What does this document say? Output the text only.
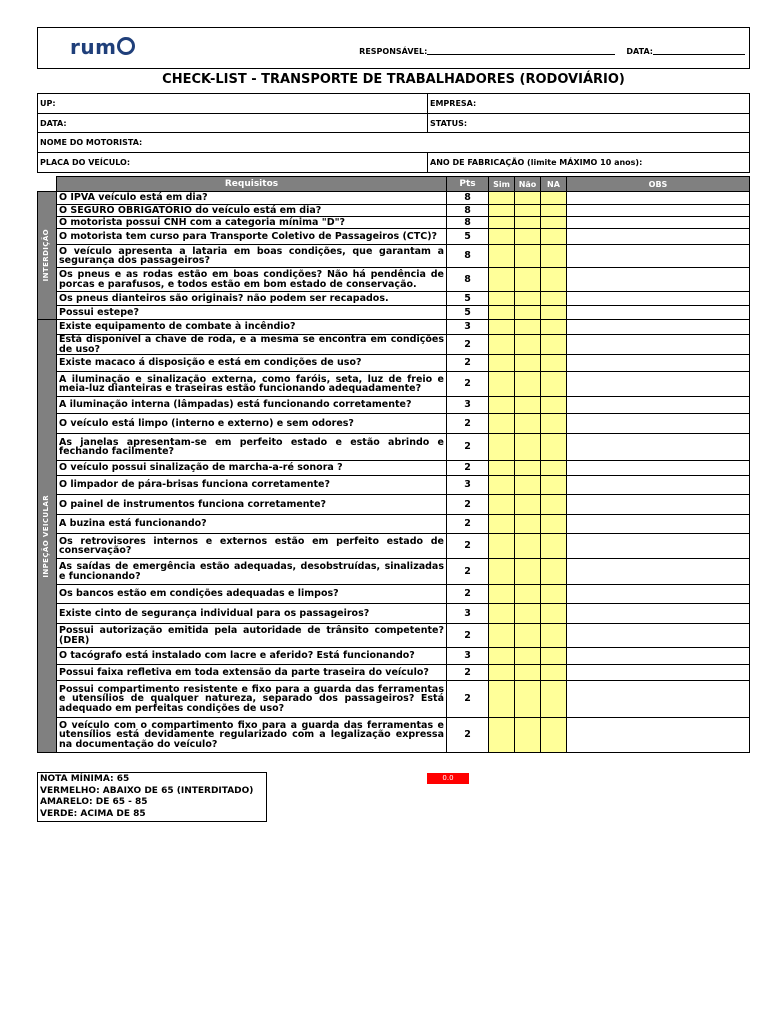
rum	RESPONSÁVEL:	DATA:
CHECK-LIST - TRANSPORTE DE TRABALHADORES (RODOVIÁRIO)
UP:	EMPRESA:
DATA:	STATUS:
NOME DO MOTORISTA:	
PLACA DO VEÍCULO:	ANO DE FABRICAÇÃO (limite MÁXIMO 10 anos):
	Requisitos	Pts	Sim	Não	NA	OBS

INTERDIÇÃO	O IPVA veículo está em dia?	8				
	O SEGURO OBRIGATÓRIO do veículo está em dia?	8				
	O motorista possui CNH com a categoria mínima "D"?	8				
	O motorista tem curso para Transporte Coletivo de Passageiros (CTC)?	5				
	O veículo apresenta a lataria em boas condições, que garantam a segurança dos passageiros?	8				
	Os pneus e as rodas estão em boas condições? Não há pendência de porcas e parafusos, e todos estão em bom estado de conservação.	8				
	Os pneus dianteiros são originais? não podem ser recapados.	5				
	Possui estepe?	5				

INPEÇÃO VEICULAR	Existe equipamento de combate à incêndio?	3				
	Está disponível a chave de roda, e a mesma se encontra em condições de uso?	2				
	Existe macaco á disposição e está em condições de uso?	2				
	A iluminação e sinalização externa, como faróis, seta, luz de freio e meia-luz dianteiras e traseiras estão funcionando adequadamente?	2				
	A iluminação interna (lâmpadas) está funcionando corretamente?	3				
	O veículo está limpo (interno e externo) e sem odores?	2				
	As janelas apresentam-se em perfeito estado e estão abrindo e fechando facilmente?	2				
	O veículo possui sinalização de marcha-a-ré sonora ?	2				
	O limpador de pára-brisas funciona corretamente?	3				
	O painel de instrumentos funciona corretamente?	2				
	A buzina está funcionando?	2				
	Os retrovisores internos e externos estão em perfeito estado de conservação?	2				
	As saídas de emergência estão adequadas, desobstruídas, sinalizadas e funcionando?	2				
	Os bancos estão em condições adequadas e limpos?	2				
	Existe cinto de segurança individual para os passageiros?	3				
	Possui autorização emitida pela autoridade de trânsito competente? (DER)	2				
	O tacógrafo está instalado com lacre e aferido? Está funcionando?	3				
	Possui faixa refletiva em toda extensão da parte traseira do veículo?	2				
	Possui compartimento resistente e fixo para a guarda das ferramentas e utensílios de qualquer natureza, separado dos passageiros? Está adequado em perfeitas condições de uso?	2				
	O veículo com o compartimento fixo para a guarda das ferramentas e utensílios está devidamente regularizado com a legalização expressa na documentação do veículo?	2				
NOTA MÍNIMA: 65
VERMELHO: ABAIXO DE 65 (INTERDITADO)
AMARELO: DE 65 - 85
VERDE: ACIMA DE 85
0.0
